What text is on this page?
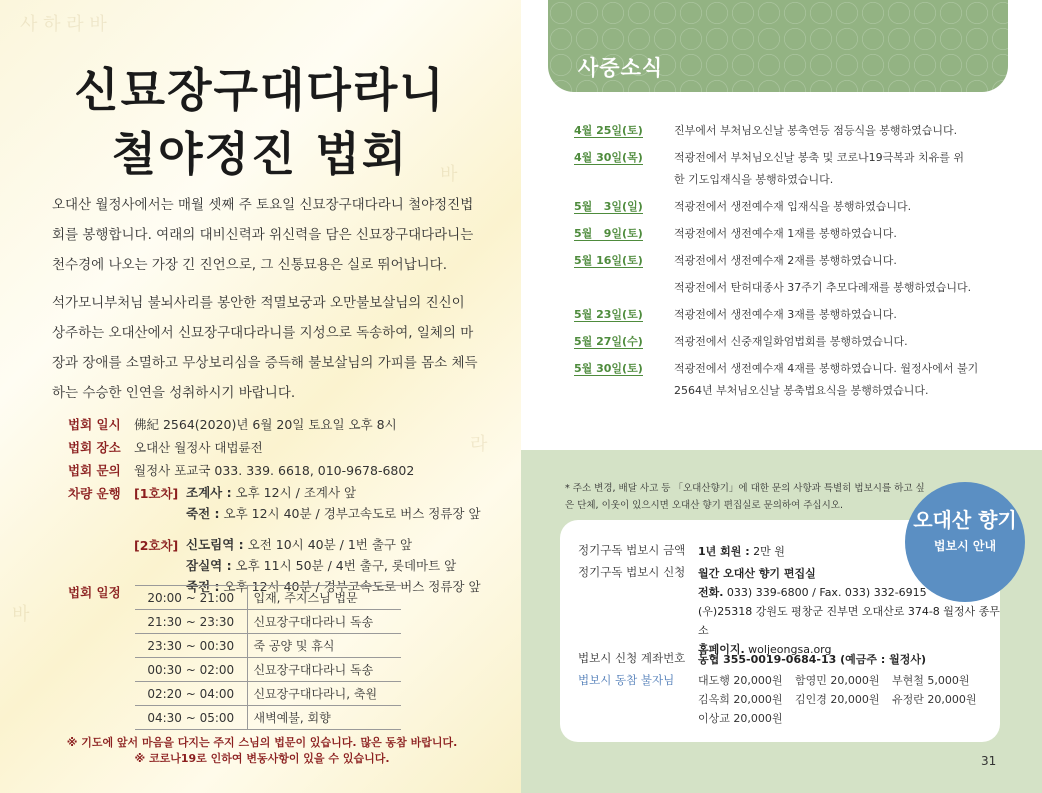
사 하 라 바
바
라
바
신묘장구대다라니
철야정진 법회

오대산 월정사에서는 매월 셋째 주 토요일 신묘장구대다라니 철야정진법회를 봉행합니다. 여래의 대비신력과 위신력을 담은 신묘장구대다라니는 천수경에 나오는 가장 긴 진언으로, 그 신통묘용은 실로 뛰어납니다.

석가모니부처님 불뇌사리를 봉안한 적멸보궁과 오만불보살님의 진신이 상주하는 오대산에서 신묘장구대다라니를 지성으로 독송하여, 일체의 마장과 장애를 소멸하고 무상보리심을 증득해 불보살님의 가피를 몸소 체득하는 수승한 인연을 성취하시기 바랍니다.

법회 일시	佛紀 2564(2020)년 6월 20일 토요일 오후 8시
법회 장소	오대산 월정사 대법륜전
법회 문의	월정사 포교국 033. 339. 6618, 010-9678-6802
차량 운행	[1호차] 조계사 : 오후 12시 / 조계사 앞
죽전 : 오후 12시 40분 / 경부고속도로 버스 정류장 앞
[2호차] 신도림역 : 오전 10시 40분 / 1번 출구 앞
잠실역 : 오후 11시 50분 / 4번 출구, 롯데마트 앞
죽전 : 오후 12시 40분 / 경부고속도로 버스 정류장 앞
법회 일정 20:00 ~ 21:00	입재, 주지스님 법문
21:30 ~ 23:30	신묘장구대다라니 독송
23:30 ~ 00:30	죽 공양 및 휴식
00:30 ~ 02:00	신묘장구대다라니 독송
02:20 ~ 04:00	신묘장구대다라니, 축원
04:30 ~ 05:00	새벽예불, 회향
※ 기도에 앞서 마음을 다지는 주지 스님의 법문이 있습니다. 많은 동참 바랍니다.
※ 코로나19로 인하여 변동사항이 있을 수 있습니다.
사중소식
4월 25일(토)	진부에서 부처님오신날 봉축연등 점등식을 봉행하였습니다.
4월 30일(목)	적광전에서 부처님오신날 봉축 및 코로나19극복과 치유를 위한 기도입재식을 봉행하였습니다.
5월   3일(일)	적광전에서 생전예수재 입재식을 봉행하였습니다.
5월   9일(토)	적광전에서 생전예수재 1재를 봉행하였습니다.
5월 16일(토)	적광전에서 생전예수재 2재를 봉행하였습니다.
적광전에서 탄허대종사 37주기 추모다례재를 봉행하였습니다.
5월 23일(토)	적광전에서 생전예수재 3재를 봉행하였습니다.
5월 27일(수)	적광전에서 신중재일화엄법회를 봉행하였습니다.
5월 30일(토)	적광전에서 생전예수재 4재를 봉행하였습니다. 월정사에서 불기2564년 부처님오신날 봉축법요식을 봉행하였습니다.
* 주소 변경, 배달 사고 등 「오대산향기」에 대한 문의 사항과 특별히 법보시를 하고 싶은 단체, 이웃이 있으시면 오대산 향기 편집실로 문의하여 주십시오.
정기구독 법보시 금액	1년 회원 : 2만 원
정기구독 법보시 신청	월간 오대산 향기 편집실
전화. 033) 339-6800 / Fax. 033) 332-6915
(우)25318 강원도 평창군 진부면 오대산로 374-8 월정사 종무소
홈페이지. woljeongsa.org
법보시 신청 계좌번호	농협 355-0019-0684-13 (예금주 : 월정사)
법보시 동참 불자님	대도행 20,000원	함영민 20,000원	부현철 5,000원
김옥희 20,000원	김인경 20,000원	유정란 20,000원
이상교 20,000원
오대산 향기
법보시 안내
31
